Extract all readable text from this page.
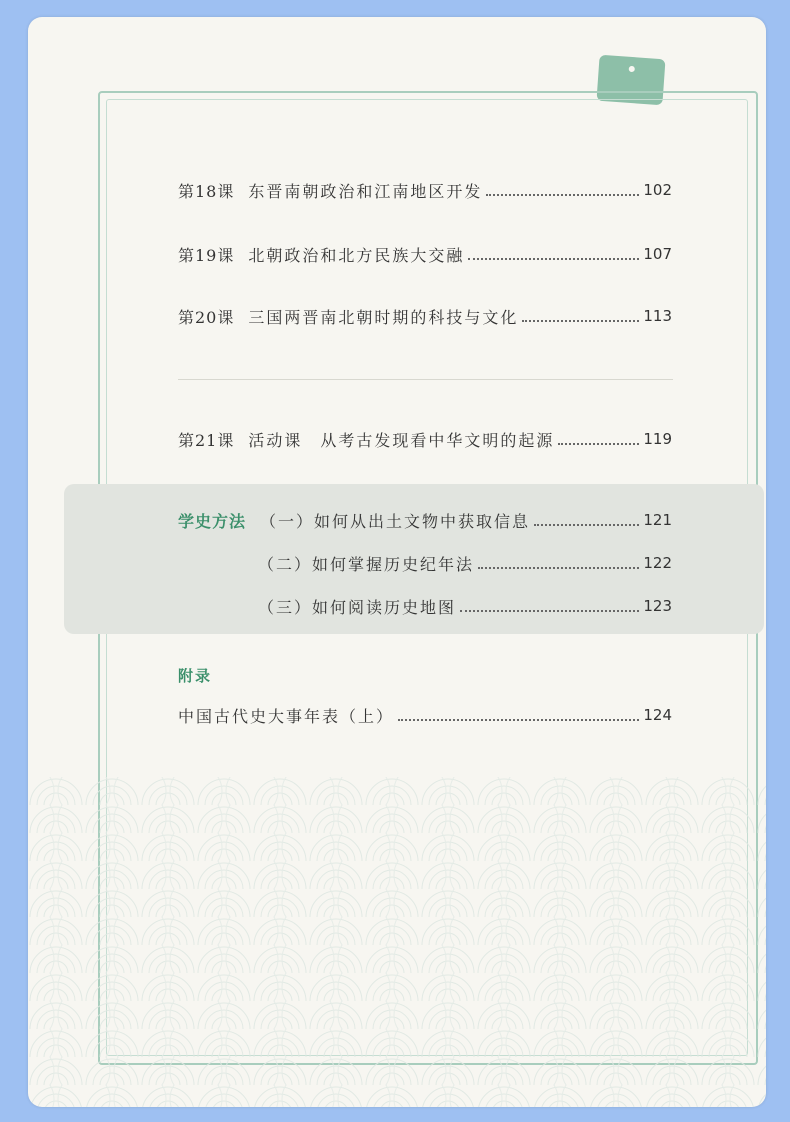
第18课 东晋南朝政治和江南地区开发	102
第19课 北朝政治和北方民族大交融	107
第20课 三国两晋南北朝时期的科技与文化	113
第21课 活动课　从考古发现看中华文明的起源	119
学史方法 （一）如何从出土文物中获取信息	121
（二）如何掌握历史纪年法	122
（三）如何阅读历史地图	123
附录
中国古代史大事年表（上）	124
